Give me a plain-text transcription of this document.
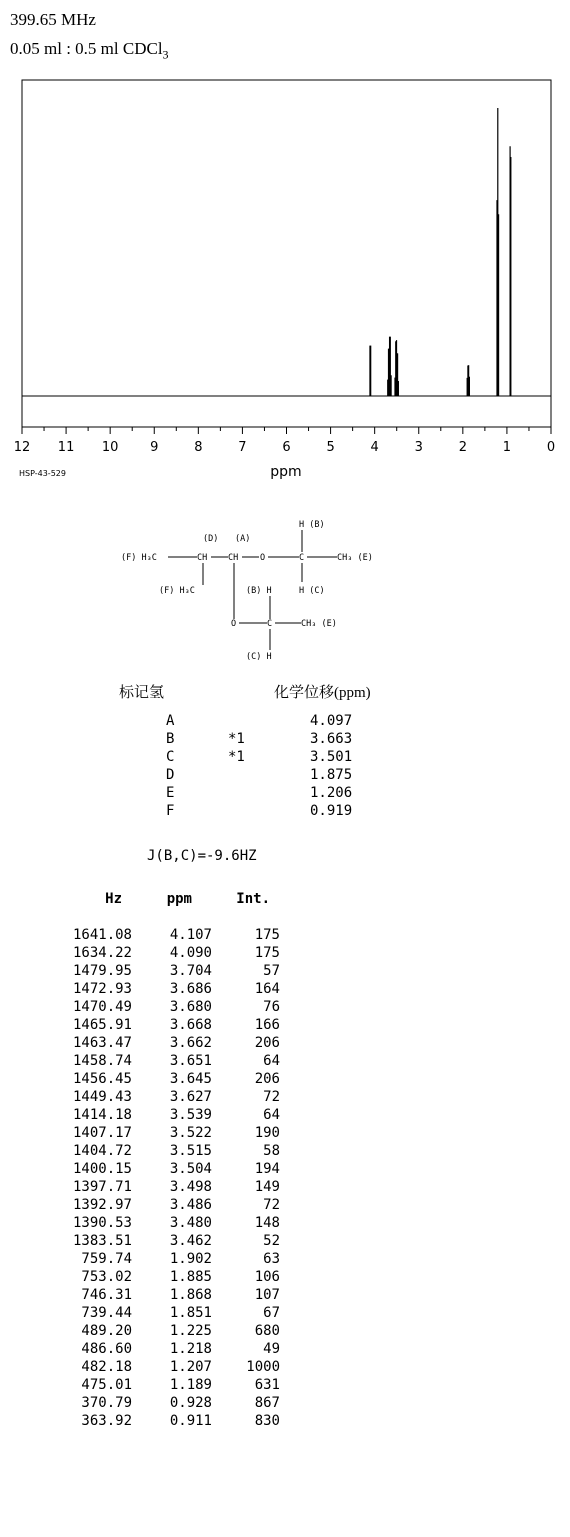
399.65 MHz
0.05 ml : 0.5 ml CDCl$_3$
12 11 10 9	8	7	6	5	4	3	2	1	0
ppm
HSP-43-529
(D) (A)
H (B)
(F) H₃C	CH CH	O	C	CH₃ (E)
(F) H₃C	H (C)
(B) H
O	C	CH₃ (E)
(C) H
标记氢	化学位移(ppm)
A	4.097
B	*1	3.663
C	*1	3.501
D	1.875
E	1.206
F	0.919
J(B,C)=-9.6HZ
Hz	ppm	Int.
1641.08	4.107	175
1634.22	4.090	175
1479.95	3.704	57
1472.93	3.686	164
1470.49	3.680	76
1465.91	3.668	166
1463.47	3.662	206
1458.74	3.651	64
1456.45	3.645	206
1449.43	3.627	72
1414.18	3.539	64
1407.17	3.522	190
1404.72	3.515	58
1400.15	3.504	194
1397.71	3.498	149
1392.97	3.486	72
1390.53	3.480	148
1383.51	3.462	52
759.74	1.902	63
753.02	1.885	106
746.31	1.868	107
739.44	1.851	67
489.20	1.225	680
486.60	1.218	49
482.18	1.207 1000
475.01	1.189	631
370.79	0.928	867
363.92	0.911	830
